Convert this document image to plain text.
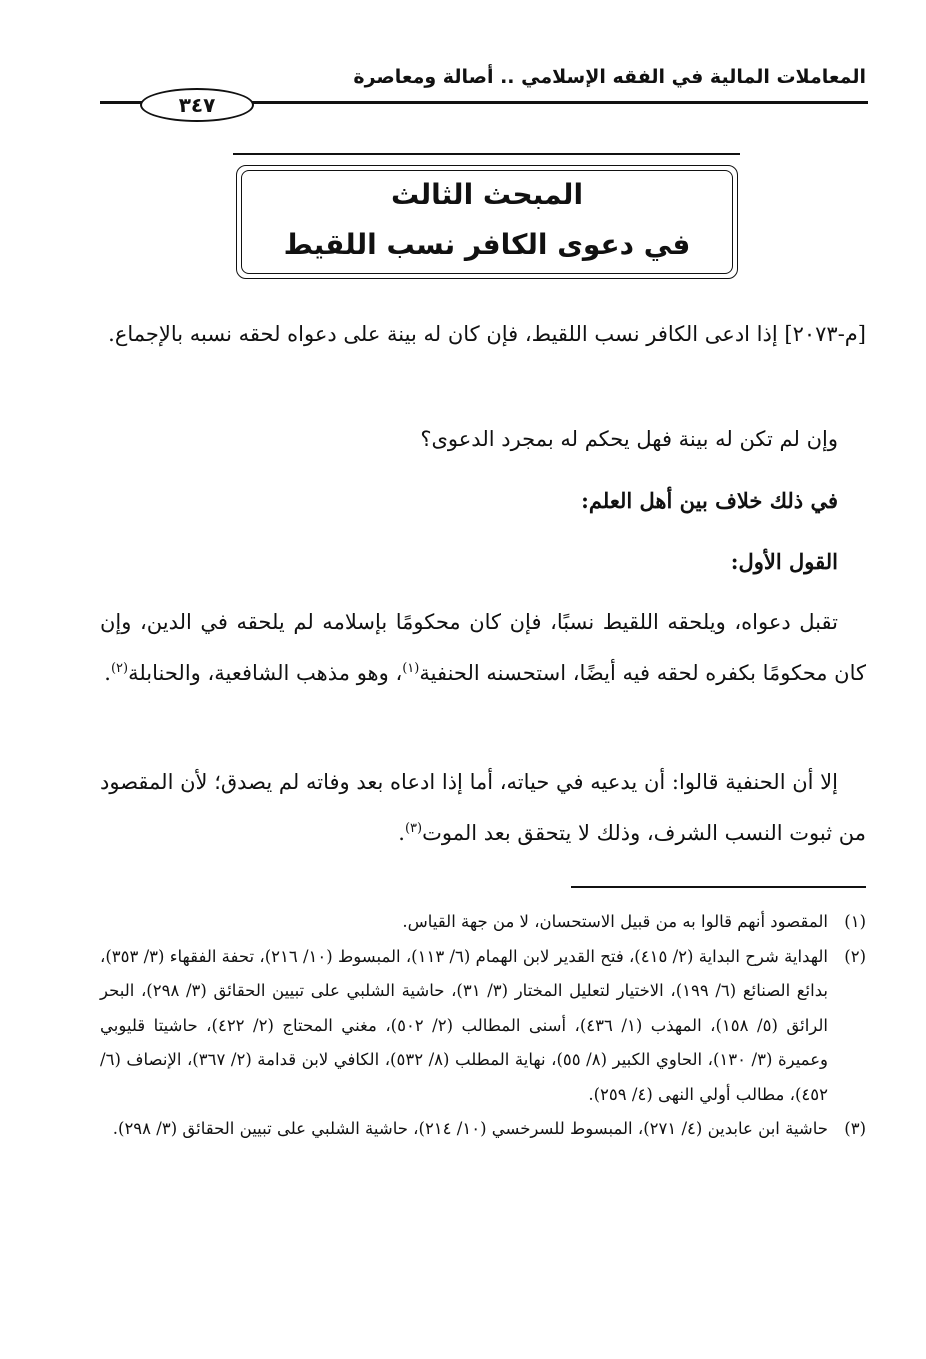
المعاملات المالية في الفقه الإسلامي .. أصالة ومعاصرة
٣٤٧
المبحث الثالث
في دعوى الكافر نسب اللقيط

[م-٢٠٧٣] إذا ادعى الكافر نسب اللقيط، فإن كان له بينة على دعواه لحقه نسبه بالإجماع.

وإن لم تكن له بينة فهل يحكم له بمجرد الدعوى؟

في ذلك خلاف بين أهل العلم:

القول الأول:

تقبل دعواه، ويلحقه اللقيط نسبًا، فإن كان محكومًا بإسلامه لم يلحقه في الدين، وإن كان محكومًا بكفره لحقه فيه أيضًا، استحسنه الحنفية$^{(١)}$، وهو مذهب الشافعية، والحنابلة$^{(٢)}$.

إلا أن الحنفية قالوا: أن يدعيه في حياته، أما إذا ادعاه بعد وفاته لم يصدق؛ لأن المقصود من ثبوت النسب الشرف، وذلك لا يتحقق بعد الموت$^{(٣)}$.

(١)
المقصود أنهم قالوا به من قبيل الاستحسان، لا من جهة القياس.

(٢)
الهداية شرح البداية (٢/ ٤١٥)، فتح القدير لابن الهمام (٦/ ١١٣)، المبسوط (١٠/ ٢١٦)، تحفة الفقهاء (٣/ ٣٥٣)، بدائع الصنائع (٦/ ١٩٩)، الاختيار لتعليل المختار (٣/ ٣١)، حاشية الشلبي على تبيين الحقائق (٣/ ٢٩٨)، البحر الرائق (٥/ ١٥٨)، المهذب (١/ ٤٣٦)، أسنى المطالب (٢/ ٥٠٢)، مغني المحتاج (٢/ ٤٢٢)، حاشيتا قليوبي وعميرة (٣/ ١٣٠)، الحاوي الكبير (٨/ ٥٥)، نهاية المطلب (٨/ ٥٣٢)، الكافي لابن قدامة (٢/ ٣٦٧)، الإنصاف (٦/ ٤٥٢)، مطالب أولي النهى (٤/ ٢٥٩).

(٣)
حاشية ابن عابدين (٤/ ٢٧١)، المبسوط للسرخسي (١٠/ ٢١٤)، حاشية الشلبي على تبيين الحقائق (٣/ ٢٩٨).
